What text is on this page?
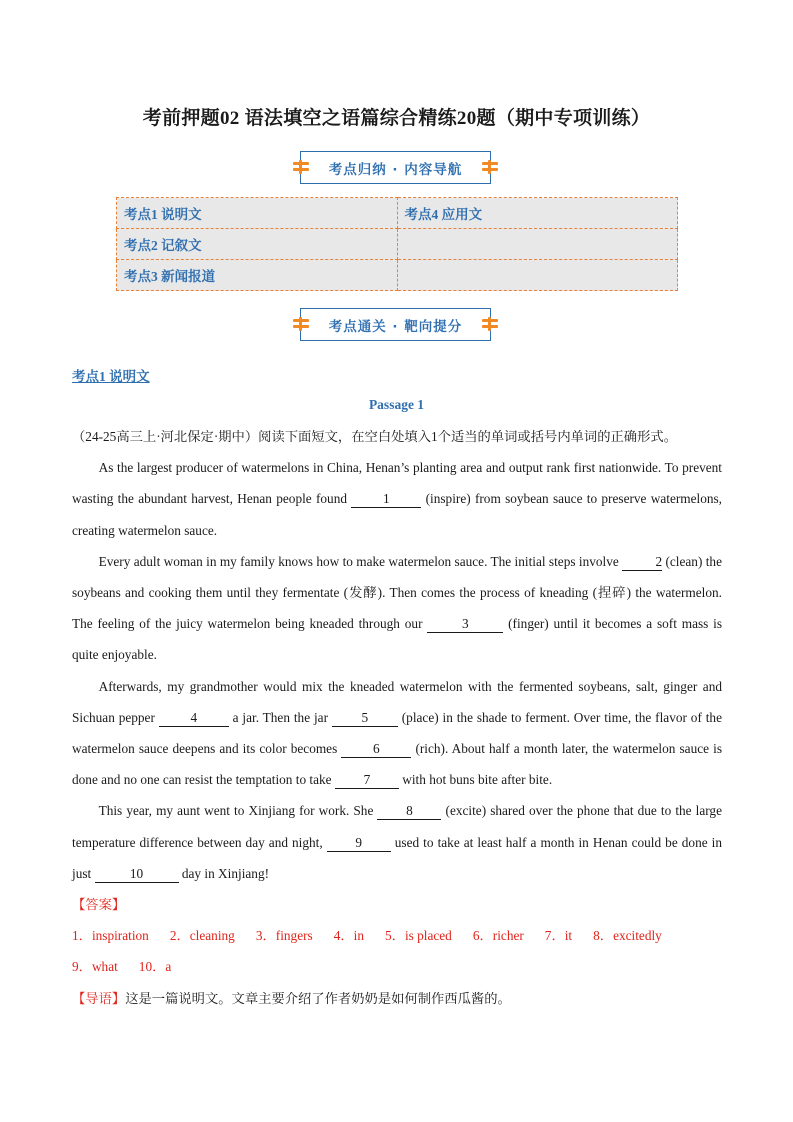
考前押题02 语法填空之语篇综合精练20题（期中专项训练）
考点归纳 · 内容导航
考点1 说明文	考点4 应用文
考点2 记叙文	
考点3 新闻报道	
考点通关 · 靶向提分
考点1 说明文
Passage 1

（24-25高三上·河北保定·期中）阅读下面短文，在空白处填入1个适当的单词或括号内单词的正确形式。

As the largest producer of watermelons in China, Henan’s planting area and output rank first nationwide. To prevent wasting the abundant harvest, Henan people found 1 (inspire) from soybean sauce to preserve watermelons, creating watermelon sauce.

Every adult woman in my family knows how to make watermelon sauce. The initial steps involve	2 (clean) the soybeans and cooking them until they fermentate (发酵). Then comes the process of kneading (捏碎) the watermelon. The feeling of the juicy watermelon being kneaded through our	3	(finger) until it becomes a soft mass is quite enjoyable.

Afterwards, my grandmother would mix the kneaded watermelon with the fermented soybeans, salt, ginger and Sichuan pepper 4 a jar. Then the jar 5 (place) in the shade to ferment. Over time, the flavor of the watermelon sauce deepens and its color becomes 6 (rich). About half a month later, the watermelon sauce is done and no one can resist the temptation to take 7 with hot buns bite after bite.

This year, my aunt went to Xinjiang for work. She 8 (excite) shared over the phone that due to the large temperature difference between day and night, 9 used to take at least half a month in Henan could be done in just	10	day in Xinjiang!

【答案】

1．inspiration 2．cleaning 3．fingers 4．in 5．is placed 6．richer 7．it 8．excitedly
9．what 10．a

【导语】这是一篇说明文。文章主要介绍了作者奶奶是如何制作西瓜酱的。
